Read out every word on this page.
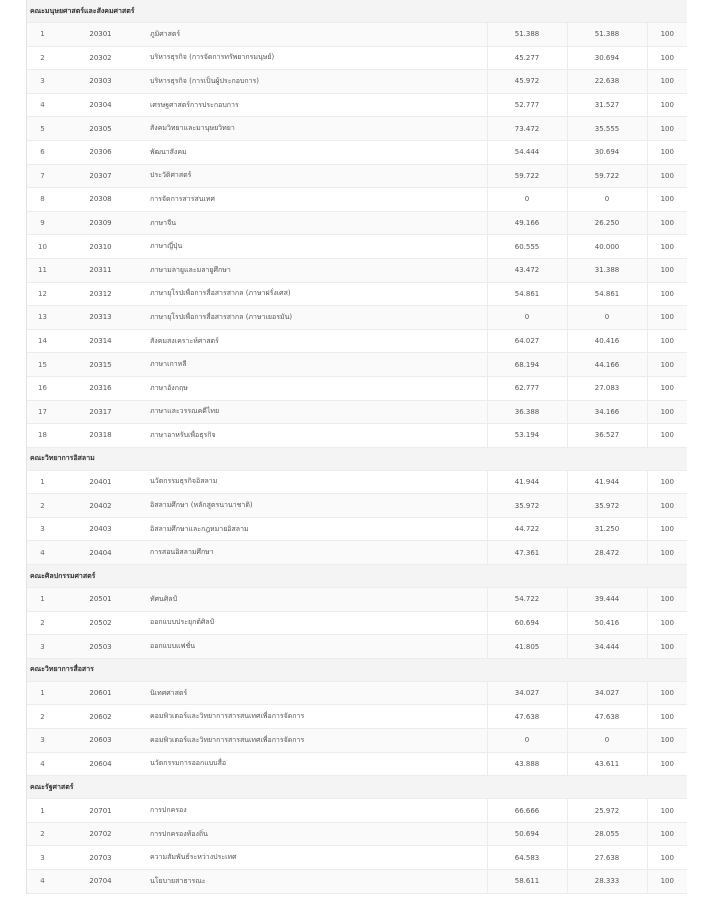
คณะมนุษยศาสตร์และสังคมศาสตร์					
1	20301	ภูมิศาสตร์	51.388	51.388	100
2	20302	บริหารธุรกิจ (การจัดการทรัพยากรมนุษย์)	45.277	30.694	100
3	20303	บริหารธุรกิจ (การเป็นผู้ประกอบการ)	45.972	22.638	100
4	20304	เศรษฐศาสตร์การประกอบการ	52.777	31.527	100
5	20305	สังคมวิทยาและมานุษยวิทยา	73.472	35.555	100
6	20306	พัฒนาสังคม	54.444	30.694	100
7	20307	ประวัติศาสตร์	59.722	59.722	100
8	20308	การจัดการสารสนเทศ	0	0	100
9	20309	ภาษาจีน	49.166	26.250	100
10	20310	ภาษาญี่ปุ่น	60.555	40.000	100
11	20311	ภาษามลายูและมลายูศึกษา	43.472	31.388	100
12	20312	ภาษายุโรปเพื่อการสื่อสารสากล (ภาษาฝรั่งเศส)	54.861	54.861	100
13	20313	ภาษายุโรปเพื่อการสื่อสารสากล (ภาษาเยอรมัน)	0	0	100
14	20314	สังคมสงเคราะห์ศาสตร์	64.027	40.416	100
15	20315	ภาษาเกาหลี	68.194	44.166	100
16	20316	ภาษาอังกฤษ	62.777	27.083	100
17	20317	ภาษาและวรรณคดีไทย	36.388	34.166	100
18	20318	ภาษาอาหรับเพื่อธุรกิจ	53.194	36.527	100
คณะวิทยาการอิสลาม					
1	20401	นวัตกรรมธุรกิจอิสลาม	41.944	41.944	100
2	20402	อิสลามศึกษา (หลักสูตรนานาชาติ)	35.972	35.972	100
3	20403	อิสลามศึกษาและกฎหมายอิสลาม	44.722	31.250	100
4	20404	การสอนอิสลามศึกษา	47.361	28.472	100
คณะศิลปกรรมศาสตร์					
1	20501	ทัศนศิลป์	54.722	39.444	100
2	20502	ออกแบบประยุกต์ศิลป์	60.694	50.416	100
3	20503	ออกแบบแฟชั่น	41.805	34.444	100
คณะวิทยาการสื่อสาร					
1	20601	นิเทศศาสตร์	34.027	34.027	100
2	20602	คอมพิวเตอร์และวิทยาการสารสนเทศเพื่อการจัดการ	47.638	47.638	100
3	20603	คอมพิวเตอร์และวิทยาการสารสนเทศเพื่อการจัดการ	0	0	100
4	20604	นวัตกรรมการออกแบบสื่อ	43.888	43.611	100
คณะรัฐศาสตร์					
1	20701	การปกครอง	66.666	25.972	100
2	20702	การปกครองท้องถิ่น	50.694	28.055	100
3	20703	ความสัมพันธ์ระหว่างประเทศ	64.583	27.638	100
4	20704	นโยบายสาธารณะ	58.611	28.333	100
